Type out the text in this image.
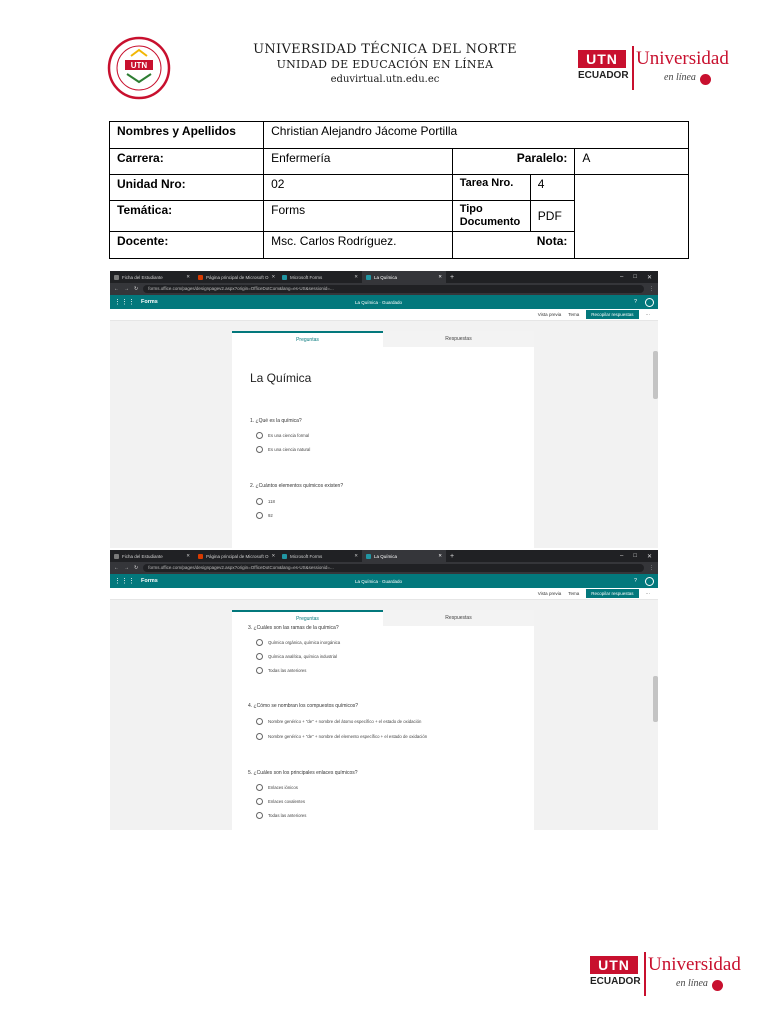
UTN
UNIVERSIDAD TÉCNICA DEL NORTE
UNIDAD DE EDUCACIÓN EN LÍNEA
eduvirtual.utn.edu.ec
UTN
ECUADOR
Universidad
en línea
Nombres y Apellidos	Christian Alejandro Jácome Portilla			
Carrera:	Enfermería	Paralelo:		A
Unidad Nro:	02	Tarea Nro.	4	
Temática:	Forms	Tipo Documento	PDF	
Docente:	Msc. Carlos Rodríguez.	Nota:		
Ficha del Estudiante	✕	Página principal de Microsoft O ✕	Microsoft Forms	✕	La Química	✕	+	– □ ✕
← → ↻	forms.office.com/pages/designpagev2.aspx?origin=OfficeDotCom&lang=es-US&sessionid=...	⋮
⋮⋮⋮ Forms	La Química · Guardado	?
Vista previa Tema	Recopilar respuestas	⋯
Preguntas	Respuestas
La Química
1. ¿Qué es la química?
Es una ciencia formal
Es una ciencia natural
2. ¿Cuántos elementos químicos existen?
118
92
Ficha del Estudiante	✕	Página principal de Microsoft O ✕	Microsoft Forms	✕	La Química	✕	+	– □ ✕
← → ↻	forms.office.com/pages/designpagev2.aspx?origin=OfficeDotCom&lang=es-US&sessionid=...	⋮
⋮⋮⋮ Forms	La Química · Guardado	?
Vista previa Tema	Recopilar respuestas	⋯
Preguntas	Respuestas
3. ¿Cuáles son las ramas de la química?
Química orgánica, química inorgánica
Química analítica, química industrial
Todas las anteriores
4. ¿Cómo se nombran los compuestos químicos?
Nombre genérico + "de" + nombre del átomo específico + el estado de oxidación
Nombre genérico + "de" + nombre del elemento específico + el estado de oxidación
5. ¿Cuáles son los principales enlaces químicos?
Enlaces iónicos
Enlaces covalentes
Todas las anteriores
UTN
ECUADOR
Universidad
en línea
